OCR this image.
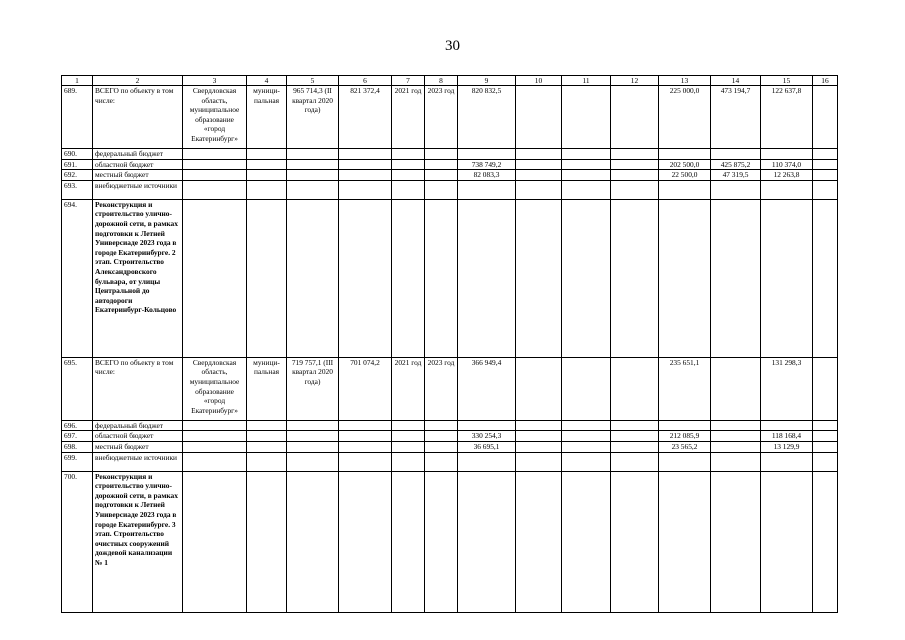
30
1	2	3	4	5	6	7	8	9	10	11	12	13	14	15	16
689.	ВСЕГО по объекту в том числе:	Свердловская область, муниципальное образование «город Екатеринбург»	муници-пальная	965 714,3 (II квартал 2020 года)	821 372,4	2021 год	2023 год	820 832,5				225 000,0	473 194,7	122 637,8	
690.	федеральный бюджет														
691.	областной бюджет							738 749,2				202 500,0	425 875,2	110 374,0	
692.	местный бюджет							82 083,3				22 500,0	47 319,5	12 263,8	
693.	внебюджетные источники														
694.	Реконструкция и строительство улично-дорожной сети, в рамках подготовки к Летней Универсиаде 2023 года в городе Екатеринбурге. 2 этап. Строительство Александровского бульвара, от улицы Центральной до автодороги Екатеринбург-Кольцово														
695.	ВСЕГО по объекту в том числе:	Свердловская область, муниципальное образование «город Екатеринбург»	муници-пальная	719 757,1 (III квартал 2020 года)	701 074,2	2021 год	2023 год	366 949,4				235 651,1		131 298,3	
696.	федеральный бюджет														
697.	областной бюджет							330 254,3				212 085,9		118 168,4	
698.	местный бюджет							36 695,1				23 565,2		13 129,9	
699.	внебюджетные источники														
700.	Реконструкция и строительство улично-дорожной сети, в рамках подготовки к Летней Универсиаде 2023 года в городе Екатеринбурге. 3 этап. Строительство очистных сооружений дождевой канализации № 1														
